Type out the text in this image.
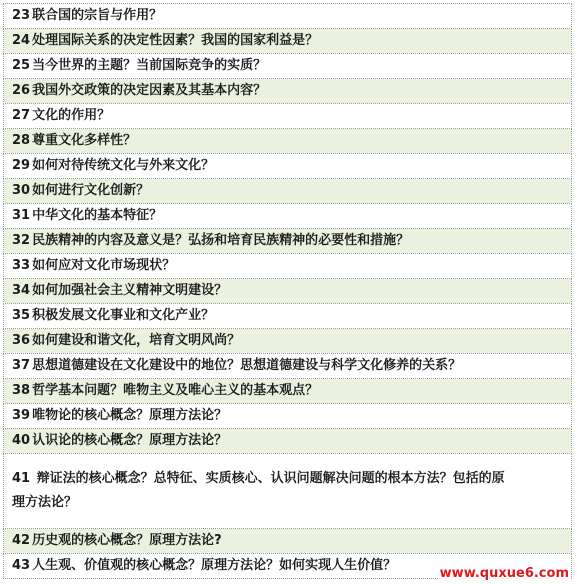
23 联合国的宗旨与作用？
24 处理国际关系的决定性因素？我国的国家利益是？
25 当今世界的主题？当前国际竞争的实质？
26 我国外交政策的决定因素及其基本内容？
27 文化的作用？
28 尊重文化多样性？
29 如何对待传统文化与外来文化？
30 如何进行文化创新？
31 中华文化的基本特征？
32 民族精神的内容及意义是？弘扬和培育民族精神的必要性和措施？
33 如何应对文化市场现状？
34 如何加强社会主义精神文明建设？
35 积极发展文化事业和文化产业？
36 如何建设和谐文化，培育文明风尚？
37 思想道德建设在文化建设中的地位？思想道德建设与科学文化修养的关系？
38 哲学基本问题？唯物主义及唯心主义的基本观点？
39 唯物论的核心概念？原理方法论？
40 认识论的核心概念？原理方法论？
41 辩证法的核心概念？总特征、实质核心、认识问题解决问题的根本方法？包括的原
理方法论？
42 历史观的核心概念？原理方法论?
43 人生观、价值观的核心概念？原理方法论？如何实现人生价值？
www.quxue6.com
